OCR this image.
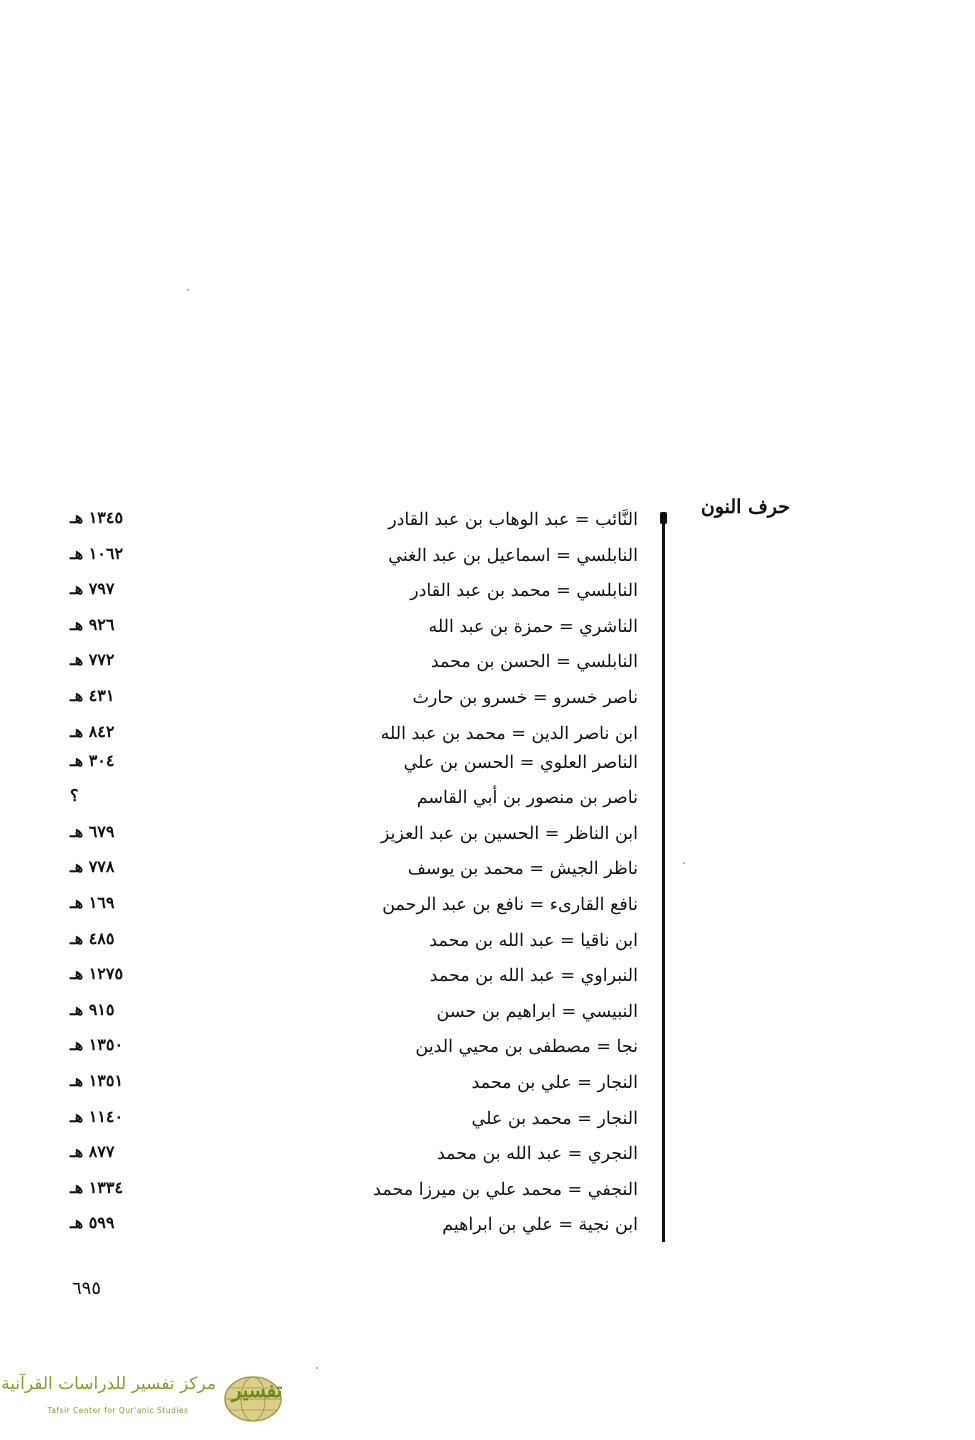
حرف النون
النَّائب = عبد الوهاب بن عبد القادر
١٣٤٥ هـ
النابلسي = اسماعيل بن عبد الغني
١٠٦٢ هـ
النابلسي = محمد بن عبد القادر
٧٩٧ هـ
الناشري = حمزة بن عبد الله
٩٢٦ هـ
النابلسي = الحسن بن محمد
٧٧٢ هـ
ناصر خسرو = خسرو بن حارث
٤٣١ هـ
ابن ناصر الدين = محمد بن عبد الله
٨٤٢ هـ
الناصر العلوي = الحسن بن علي
٣٠٤ هـ
ناصر بن منصور بن أبي القاسم
؟
ابن الناظر = الحسين بن عبد العزيز
٦٧٩ هـ
ناظر الجيش = محمد بن يوسف
٧٧٨ هـ
نافع القارىء = نافع بن عبد الرحمن
١٦٩ هـ
ابن ناقيا = عبد الله بن محمد
٤٨٥ هـ
النبراوي = عبد الله بن محمد
١٢٧٥ هـ
النبيسي = ابراهيم بن حسن
٩١٥ هـ
نجا = مصطفى بن محيي الدين
١٣٥٠ هـ
النجار = علي بن محمد
١٣٥١ هـ
النجار = محمد بن علي
١١٤٠ هـ
النجري = عبد الله بن محمد
٨٧٧ هـ
النجفي = محمد علي بن ميرزا محمد
١٣٣٤ هـ
ابن نجية = علي بن ابراهيم
٥٩٩ هـ
٦٩٥
مركز تفسير للدراسات القرآنية
Tafsir Center for Qur'anic Studies
تفسير
